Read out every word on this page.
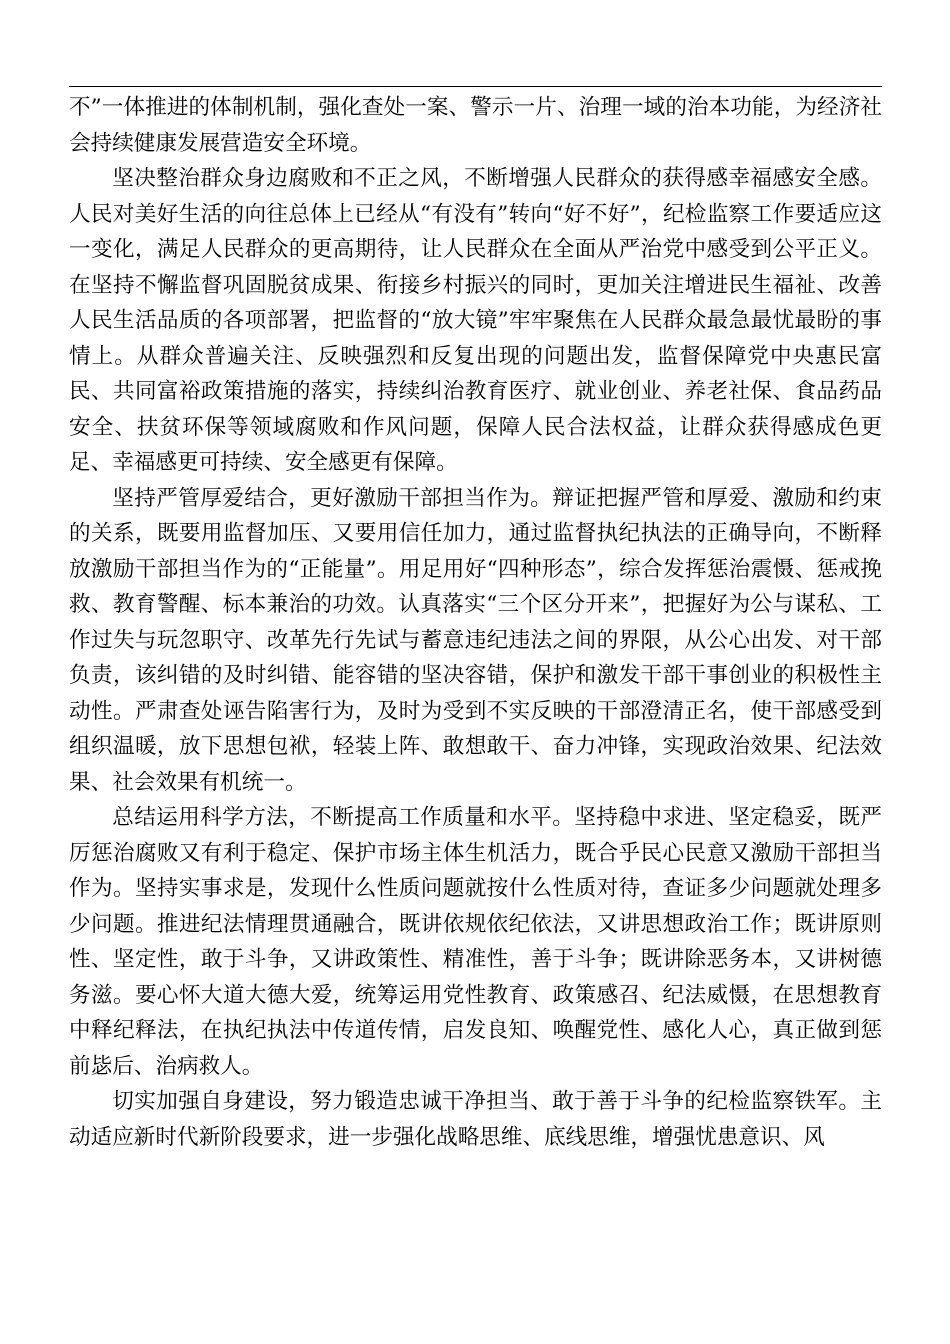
不”一体推进的体制机制，强化查处一案、警示一片、治理一域的治本功能，为经济社会持续健康发展营造安全环境。

坚决整治群众身边腐败和不正之风，不断增强人民群众的获得感幸福感安全感。人民对美好生活的向往总体上已经从“有没有”转向“好不好”，纪检监察工作要适应这一变化，满足人民群众的更高期待，让人民群众在全面从严治党中感受到公平正义。在坚持不懈监督巩固脱贫成果、衔接乡村振兴的同时，更加关注增进民生福祉、改善人民生活品质的各项部署，把监督的“放大镜”牢牢聚焦在人民群众最急最忧最盼的事情上。从群众普遍关注、反映强烈和反复出现的问题出发，监督保障党中央惠民富民、共同富裕政策措施的落实，持续纠治教育医疗、就业创业、养老社保、食品药品安全、扶贫环保等领域腐败和作风问题，保障人民合法权益，让群众获得感成色更足、幸福感更可持续、安全感更有保障。

坚持严管厚爱结合，更好激励干部担当作为。辩证把握严管和厚爱、激励和约束的关系，既要用监督加压、又要用信任加力，通过监督执纪执法的正确导向，不断释放激励干部担当作为的“正能量”。用足用好“四种形态”，综合发挥惩治震慑、惩戒挽救、教育警醒、标本兼治的功效。认真落实“三个区分开来”，把握好为公与谋私、工作过失与玩忽职守、改革先行先试与蓄意违纪违法之间的界限，从公心出发、对干部负责，该纠错的及时纠错、能容错的坚决容错，保护和激发干部干事创业的积极性主动性。严肃查处诬告陷害行为，及时为受到不实反映的干部澄清正名，使干部感受到组织温暖，放下思想包袱，轻装上阵、敢想敢干、奋力冲锋，实现政治效果、纪法效果、社会效果有机统一。

总结运用科学方法，不断提高工作质量和水平。坚持稳中求进、坚定稳妥，既严厉惩治腐败又有利于稳定、保护市场主体生机活力，既合乎民心民意又激励干部担当作为。坚持实事求是，发现什么性质问题就按什么性质对待，查证多少问题就处理多少问题。推进纪法情理贯通融合，既讲依规依纪依法，又讲思想政治工作；既讲原则性、坚定性，敢于斗争，又讲政策性、精准性，善于斗争；既讲除恶务本，又讲树德务滋。要心怀大道大德大爱，统筹运用党性教育、政策感召、纪法威慑，在思想教育中释纪释法，在执纪执法中传道传情，启发良知、唤醒党性、感化人心，真正做到惩前毖后、治病救人。

切实加强自身建设，努力锻造忠诚干净担当、敢于善于斗争的纪检监察铁军。主动适应新时代新阶段要求，进一步强化战略思维、底线思维，增强忧患意识、风
